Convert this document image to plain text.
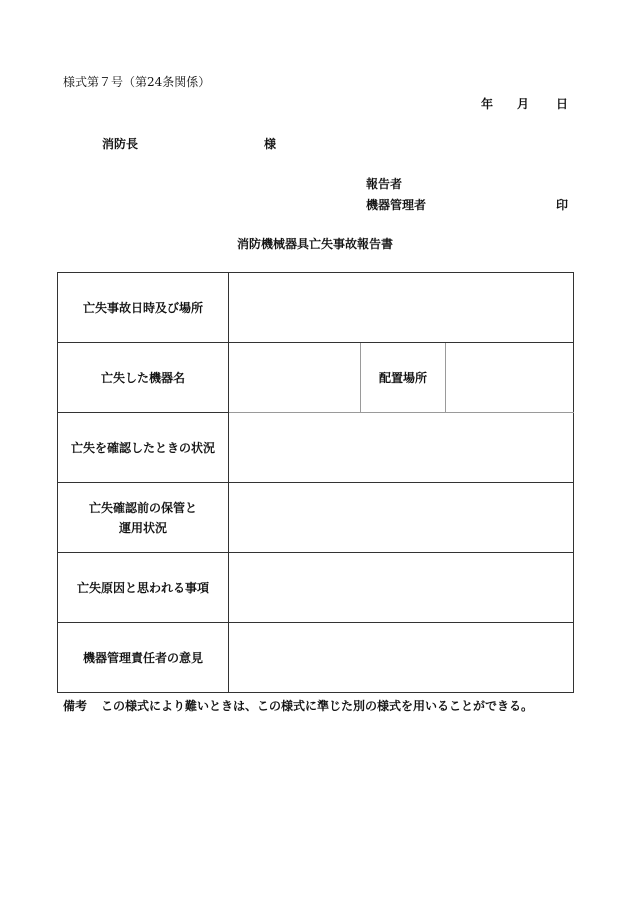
様式第７号（第24条関係）
年 月 日
消防長	様
報告者
機器管理者	印
消防機械器具亡失事故報告書
亡失事故日時及び場所			
亡失した機器名		配置場所	
亡失を確認したときの状況			

亡失確認前の保管と
運用状況			

亡失原因と思われる事項			
機器管理責任者の意見			
備考 この様式により難いときは、この様式に準じた別の様式を用いることができる。
